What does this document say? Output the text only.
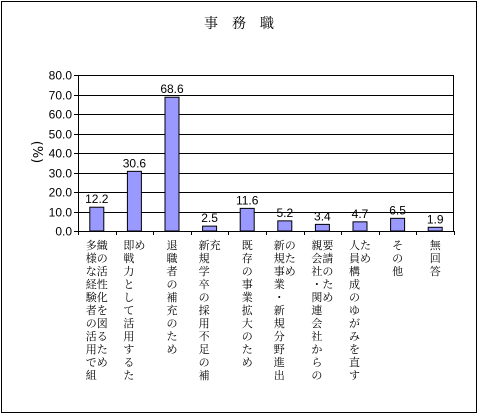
事　務　職
(%)
0.0
10.0
20.0
30.0
40.0
50.0
60.0
70.0
80.0
12.2
多様な経験者の活用で組
織の活性化を図るため
30.6
即戦力として活用するた
め
68.6
退職者の補充のため
2.5
新規学卒の採用不足の補
充
11.6
既存の事業拡大のため
5.2
新規事業・新規分野進出
のため
3.4
親会社・関連会社からの
要請のため
4.7
人員構成のゆがみを直す
ため
6.5
その他
1.9
無回答
